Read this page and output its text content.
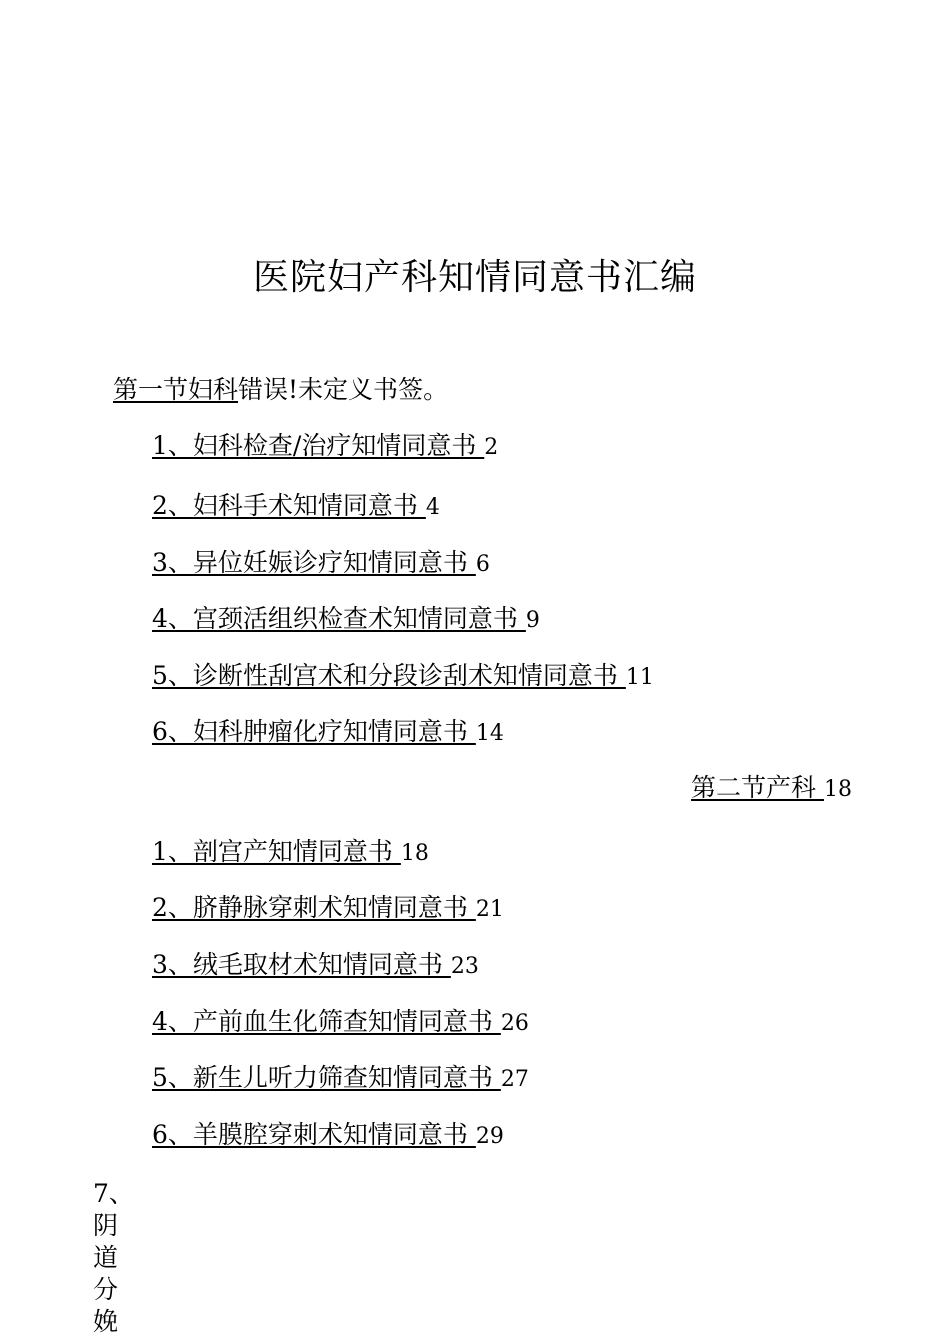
医院妇产科知情同意书汇编
第一节妇科错误!未定义书签。
1、妇科检查/治疗知情同意书 2
2、妇科手术知情同意书 4
3、异位妊娠诊疗知情同意书 6
4、宫颈活组织检查术知情同意书 9
5、诊断性刮宫术和分段诊刮术知情同意书 11
6、妇科肿瘤化疗知情同意书 14
第二节产科 18
1、剖宫产知情同意书 18
2、脐静脉穿刺术知情同意书 21
3、绒毛取材术知情同意书 23
4、产前血生化筛查知情同意书 26
5、新生儿听力筛查知情同意书 27
6、羊膜腔穿刺术知情同意书 29
7、阴道分娩
